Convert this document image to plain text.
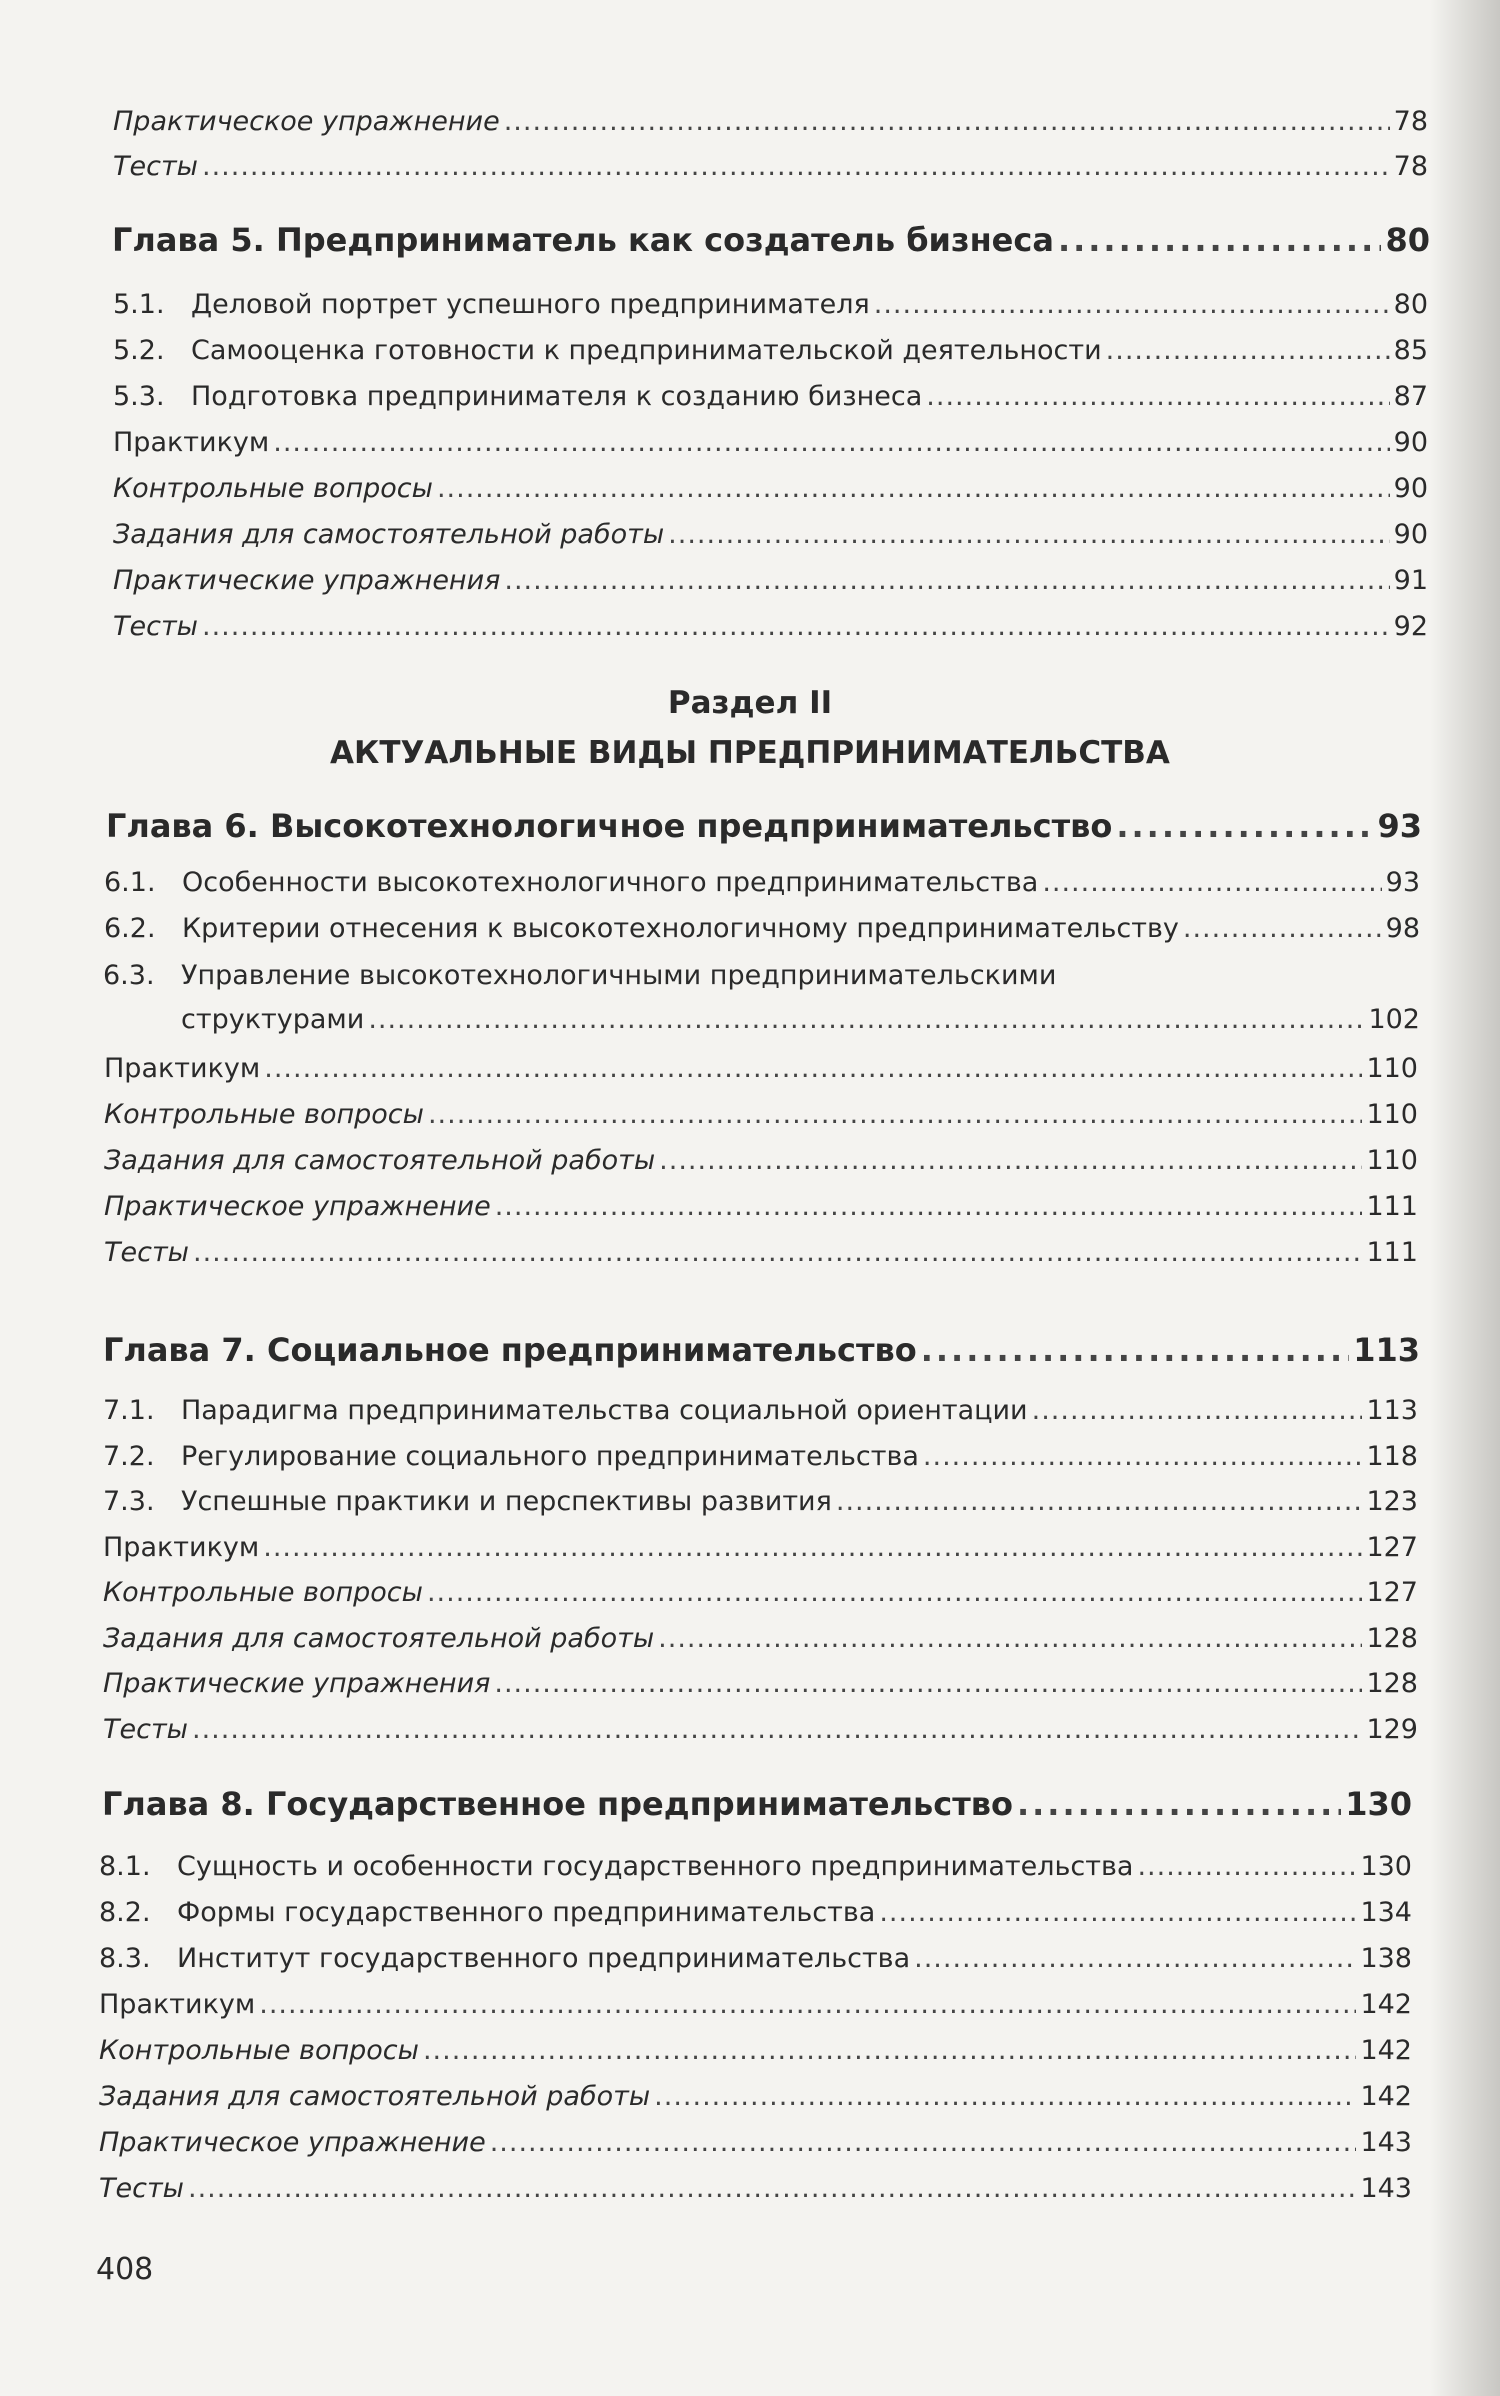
Практическое упражнение .....	78
Тесты .....	78
Глава 5. Предприниматель как создатель бизнеса .....	80
5.1. Деловой портрет успешного предпринимателя .....	80
5.2. Самооценка готовности к предпринимательской деятельности .....	85
5.3. Подготовка предпринимателя к созданию бизнеса .....	87
Практикум .....	90
Контрольные вопросы .....	90
Задания для самостоятельной работы .....	90
Практические упражнения .....	91
Тесты .....	92
Раздел II
АКТУАЛЬНЫЕ ВИДЫ ПРЕДПРИНИМАТЕЛЬСТВА
Глава 6. Высокотехнологичное предпринимательство .....	93
6.1. Особенности высокотехнологичного предпринимательства .....	93
6.2. Критерии отнесения к высокотехнологичному предпринимательству .....	98
6.3. Управление высокотехнологичными предпринимательскими
структурами .....	102
Практикум .....	110
Контрольные вопросы .....	110
Задания для самостоятельной работы .....	110
Практическое упражнение .....	111
Тесты .....	111
Глава 7. Социальное предпринимательство .....	113
7.1. Парадигма предпринимательства социальной ориентации .....	113
7.2. Регулирование социального предпринимательства .....	118
7.3. Успешные практики и перспективы развития .....	123
Практикум .....	127
Контрольные вопросы .....	127
Задания для самостоятельной работы .....	128
Практические упражнения .....	128
Тесты .....	129
Глава 8. Государственное предпринимательство .....	130
8.1. Сущность и особенности государственного предпринимательства .....	130
8.2. Формы государственного предпринимательства .....	134
8.3. Институт государственного предпринимательства .....	138
Практикум .....	142
Контрольные вопросы .....	142
Задания для самостоятельной работы .....	142
Практическое упражнение .....	143
Тесты .....	143
408
